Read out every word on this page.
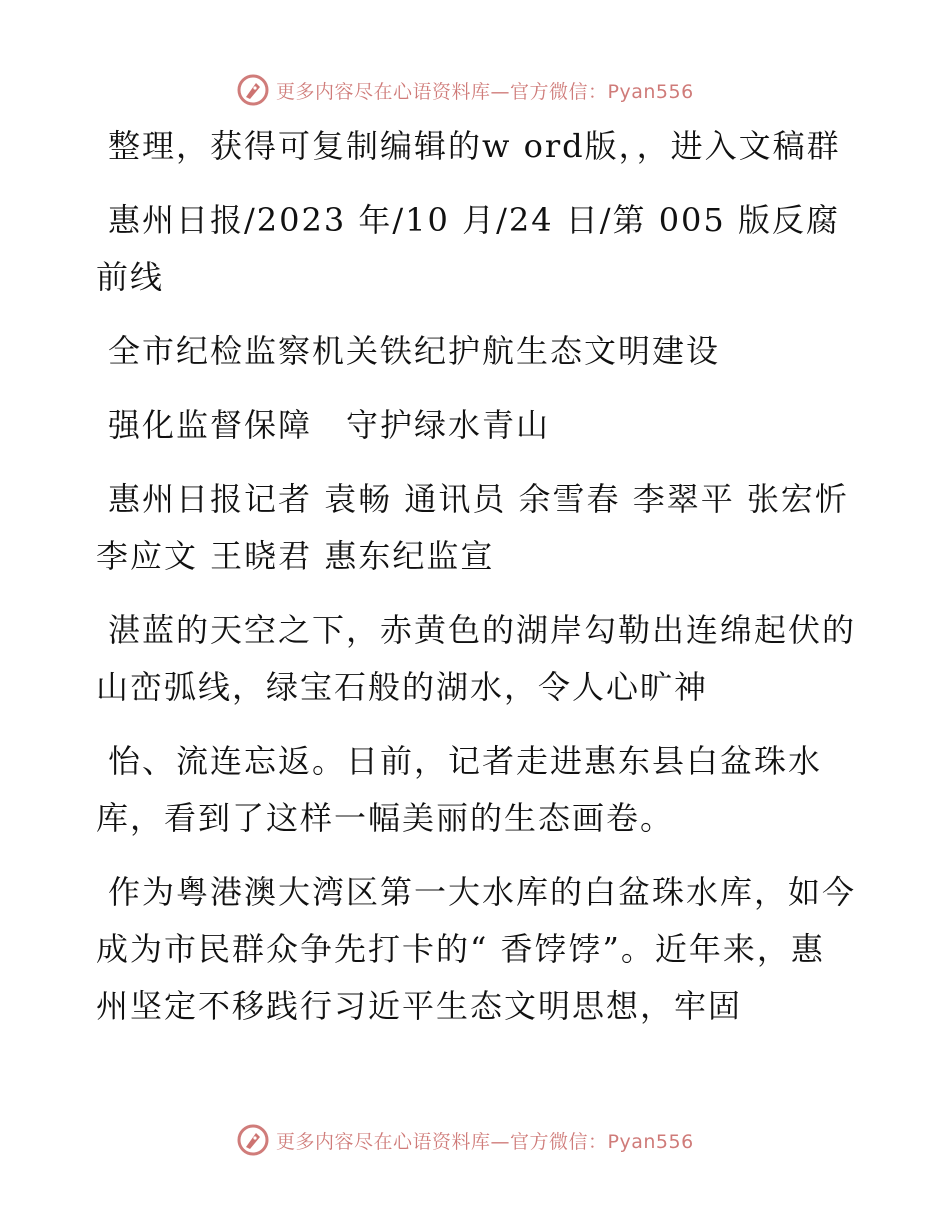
更多内容尽在心语资料库—官方微信：Pyan556

整理，获得可复制编辑的w ord版，，进入文稿群

惠州日报/2023 年/10 月/24 日/第 005 版反腐前线

全市纪检监察机关铁纪护航生态文明建设

强化监督保障　守护绿水青山

惠州日报记者 袁畅 通讯员 余雪春 李翠平 张宏忻 李应文 王晓君 惠东纪监宣

湛蓝的天空之下，赤黄色的湖岸勾勒出连绵起伏的山峦弧线，绿宝石般的湖水，令人心旷神

怡、流连忘返。日前，记者走进惠东县白盆珠水库，看到了这样一幅美丽的生态画卷。

作为粤港澳大湾区第一大水库的白盆珠水库，如今成为市民群众争先打卡的“ 香饽饽”。近年来，惠州坚定不移践行习近平生态文明思想，牢固

更多内容尽在心语资料库—官方微信：Pyan556
